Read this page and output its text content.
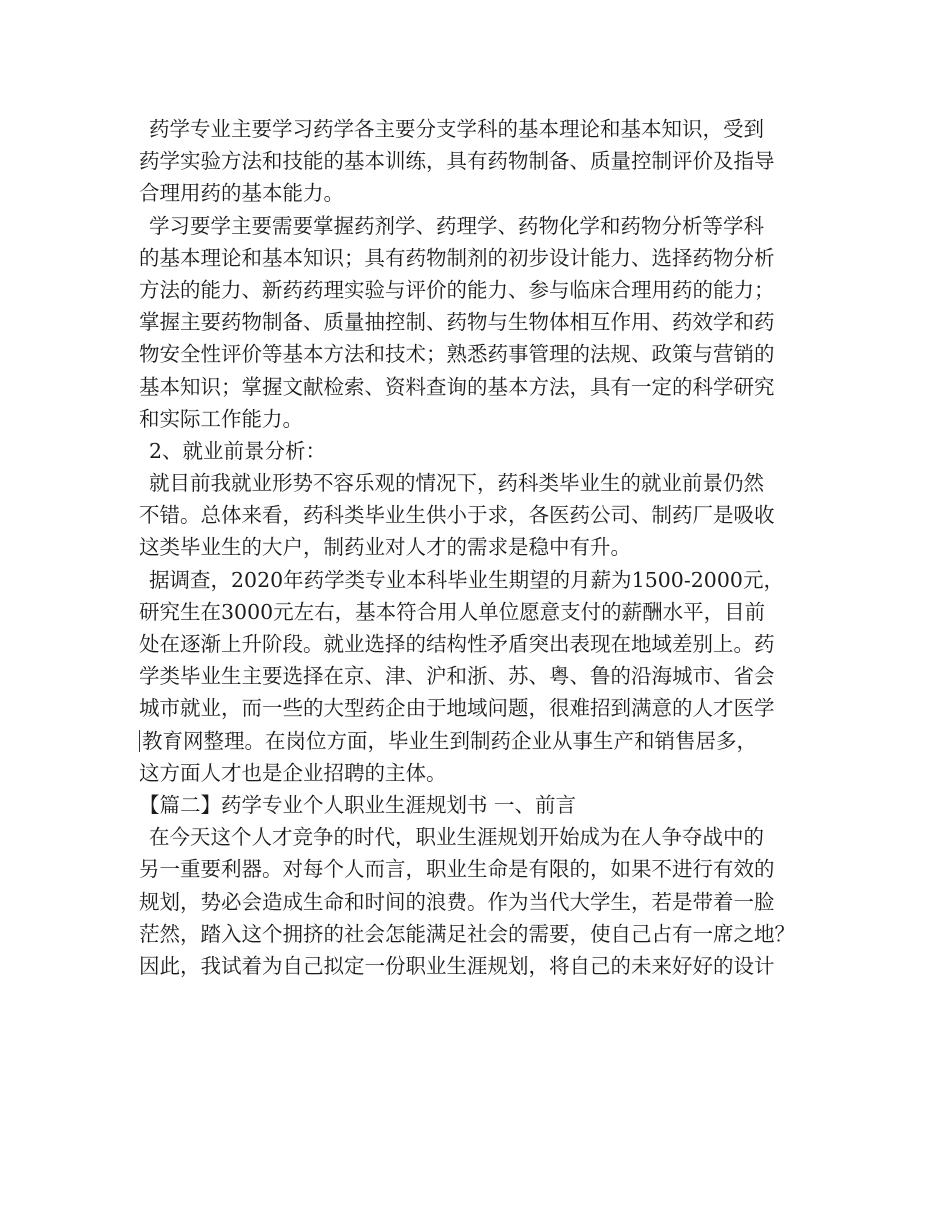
药学专业主要学习药学各主要分支学科的基本理论和基本知识，受到
药学实验方法和技能的基本训练，具有药物制备、质量控制评价及指导
合理用药的基本能力。
学习要学主要需要掌握药剂学、药理学、药物化学和药物分析等学科
的基本理论和基本知识；具有药物制剂的初步设计能力、选择药物分析
方法的能力、新药药理实验与评价的能力、参与临床合理用药的能力；
掌握主要药物制备、质量抽控制、药物与生物体相互作用、药效学和药
物安全性评价等基本方法和技术；熟悉药事管理的法规、政策与营销的
基本知识；掌握文献检索、资料查询的基本方法，具有一定的科学研究
和实际工作能力。
2、就业前景分析：
就目前我就业形势不容乐观的情况下，药科类毕业生的就业前景仍然
不错。总体来看，药科类毕业生供小于求，各医药公司、制药厂是吸收
这类毕业生的大户，制药业对人才的需求是稳中有升。
据调查，2020年药学类专业本科毕业生期望的月薪为1500-2000元，
研究生在3000元左右，基本符合用人单位愿意支付的薪酬水平，目前
处在逐渐上升阶段。就业选择的结构性矛盾突出表现在地域差别上。药
学类毕业生主要选择在京、津、沪和浙、苏、粤、鲁的沿海城市、省会
城市就业，而一些的大型药企由于地域问题，很难招到满意的人才医学
教育网整理。在岗位方面，毕业生到制药企业从事生产和销售居多，
这方面人才也是企业招聘的主体。
【篇二】药学专业个人职业生涯规划书 一、前言
在今天这个人才竞争的时代，职业生涯规划开始成为在人争夺战中的
另一重要利器。对每个人而言，职业生命是有限的，如果不进行有效的
规划，势必会造成生命和时间的浪费。作为当代大学生，若是带着一脸
茫然，踏入这个拥挤的社会怎能满足社会的需要，使自己占有一席之地？
因此，我试着为自己拟定一份职业生涯规划，将自己的未来好好的设计
